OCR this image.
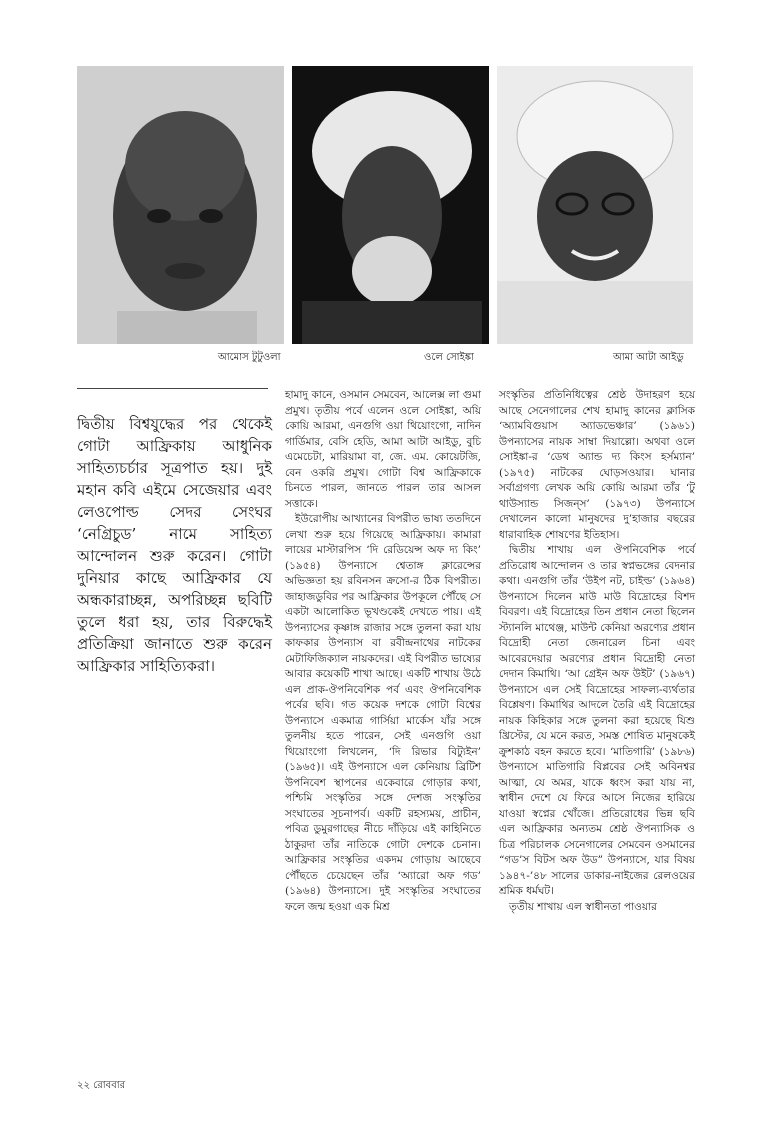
আমোস টুটুওলা	ওলে সোইঙ্কা	আমা আটা আইডু
দ্বিতীয় বিশ্বযুদ্ধের পর থেকেই গোটা আফ্রিকায় আধুনিক সাহিত্যচর্চার সূত্রপাত হয়। দুই মহান কবি এইমে সেজেয়ার এবং লেওপোল্ড সেদর সেংঘর ‘নেগ্রিচুড’ নামে সাহিত্য আন্দোলন শুরু করেন। গোটা দুনিয়ার কাছে আফ্রিকার যে অন্ধকারাচ্ছন্ন, অপরিচ্ছন্ন ছবিটি তুলে ধরা হয়, তার বিরুদ্ধেই প্রতিক্রিয়া জানাতে শুরু করেন আফ্রিকার সাহিত্যিকরা।

হামাদু কানে, ওসমান সেমবেন, আলেক্স লা গুমা প্রমুখ। তৃতীয় পর্বে এলেন ওলে সোইঙ্কা, অয়ি কোয়ি আরমা, এনগুগি ওয়া থিয়োংগো, নাদিন গার্ডিমার, বেসি হেডি, আমা আটা আইডু, বুচি এমেচেটা, মারিয়ামা বা, জে. এম. কোয়েটজি, বেন ওকরি প্রমুখ। গোটা বিশ্ব আফ্রিকাকে চিনতে পারল, জানতে পারল তার আসল সত্তাকে।

ইউরোপীয় আখ্যানের বিপরীত ভাষ্য ততদিনে লেখা শুরু হয়ে গিয়েছে আফ্রিকায়। কামারা লায়ের মাস্টারপিস ‘দি রেডিয়েন্স অফ দ্য কিং’ (১৯৫৪) উপন্যাসে শ্বেতাঙ্গ ক্লারেন্সের অভিজ্ঞতা হয় রবিনসন ক্রসো-র ঠিক বিপরীত। জাহাজডুবির পর আফ্রিকার উপকূলে পৌঁছে সে একটা আলোকিত ভূখণ্ডকেই দেখতে পায়। এই উপন্যাসের কৃষ্ণাঙ্গ রাজার সঙ্গে তুলনা করা যায় কাফকার উপন্যাস বা রবীন্দ্রনাথের নাটকের মেটাফিজিক্যাল নায়কদের। এই বিপরীত ভাষ্যের আবার কয়েকটি শাখা আছে। একটি শাখায় উঠে এল প্রাক-ঔপনিবেশিক পর্ব এবং ঔপনিবেশিক পর্বের ছবি। গত কয়েক দশকে গোটা বিশ্বের উপন্যাসে একমাত্র গার্সিয়া মার্কেস যাঁর সঙ্গে তুলনীয় হতে পারেন, সেই এনগুগি ওয়া থিয়োংগো লিখলেন, ‘দি রিভার বিট্যুইন’ (১৯৬৫)। এই উপন্যাসে এল কেনিয়ায় ব্রিটিশ উপনিবেশ স্থাপনের একেবারে গোড়ার কথা, পশ্চিমি সংস্কৃতির সঙ্গে দেশজ সংস্কৃতির সংঘাতের সূচনাপর্ব। একটি রহস্যময়, প্রাচীন, পবিত্র ডুমুরগাছের নীচে দাঁড়িয়ে এই কাহিনিতে ঠাকুরদা তাঁর নাতিকে গোটা দেশকে চেনান। আফ্রিকার সংস্কৃতির একদম গোড়ায় আছেবে পৌঁছতে চেয়েছেন তাঁর ‘অ্যারো অফ গড’ (১৯৬৪) উপন্যাসে। দুই সংস্কৃতির সংঘাতের ফলে জন্ম হওয়া এক মিশ্র

সংস্কৃতির প্রতিনিধিত্বের শ্রেষ্ঠ উদাহরণ হয়ে আছে সেনেগালের শেখ হামাদু কানের ক্লাসিক ‘অ্যামবিগুয়াস অ্যাডভেঞ্চার’ (১৯৬১) উপন্যাসের নায়ক সাম্বা দিয়াল্লো। অথবা ওলে সোইঙ্কা-র ‘ডেথ অ্যান্ড দ্য কিংস হর্সম্যান’ (১৯৭৫) নাটকের ঘোড়সওয়ার। ঘানার সর্বাগ্রগণ্য লেখক অয়ি কোয়ি আরমা তাঁর ‘টু থাউস্যান্ড সিজন্‌স’ (১৯৭৩) উপন্যাসে দেখালেন কালো মানুষদের দু’হাজার বছরের ধারাবাহিক শোষণের ইতিহাস।

দ্বিতীয় শাখায় এল ঔপনিবেশিক পর্বে প্রতিরোধ আন্দোলন ও তার স্বপ্নভঙ্গের বেদনার কথা। এনগুগি তাঁর ‘উইপ নট, চাইল্ড’ (১৯৬৪) উপন্যাসে দিলেন মাউ মাউ বিদ্রোহের বিশদ বিবরণ। এই বিদ্রোহের তিন প্রধান নেতা ছিলেন স্ট্যানলি মাথেঞ্জ, মাউন্ট কেনিয়া অরণ্যের প্রধান বিদ্রোহী নেতা জেনারেল চিনা এবং আবেরদেয়ার অরণ্যের প্রধান বিদ্রোহী নেতা দেদান কিমাথি। ‘আ গ্রেইন অফ উইট’ (১৯৬৭) উপন্যাসে এল সেই বিদ্রোহের সাফল্য-ব্যর্থতার বিশ্লেষণ। কিমাথির আদলে তৈরি এই বিদ্রোহের নায়ক কিহিকার সঙ্গে তুলনা করা হয়েছে যিশু খ্রিস্টের, যে মনে করত, সমস্ত শোষিত মানুষকেই ক্রুশকাঠ বহন করতে হবে। ‘মাতিগারি’ (১৯৮৬) উপন্যাসে মাতিগারি বিপ্লবের সেই অবিনশ্বর আত্মা, যে অমর, যাকে ধ্বংস করা যায় না, স্বাধীন দেশে যে ফিরে আসে নিজের হারিয়ে যাওয়া স্বপ্নের খোঁজে। প্রতিরোধের ভিন্ন ছবি এল আফ্রিকার অন্যতম শ্রেষ্ঠ ঔপন্যাসিক ও চিত্র পরিচালক সেনেগালের সেমবেন ওসমানের “গড’স বিটস অফ উড” উপন্যাসে, যার বিষয় ১৯৪৭-’৪৮ সালের ডাকার-নাইজের রেলওয়ের শ্রমিক ধর্মঘট।

তৃতীয় শাখায় এল স্বাধীনতা পাওয়ার

২২ রোববার
